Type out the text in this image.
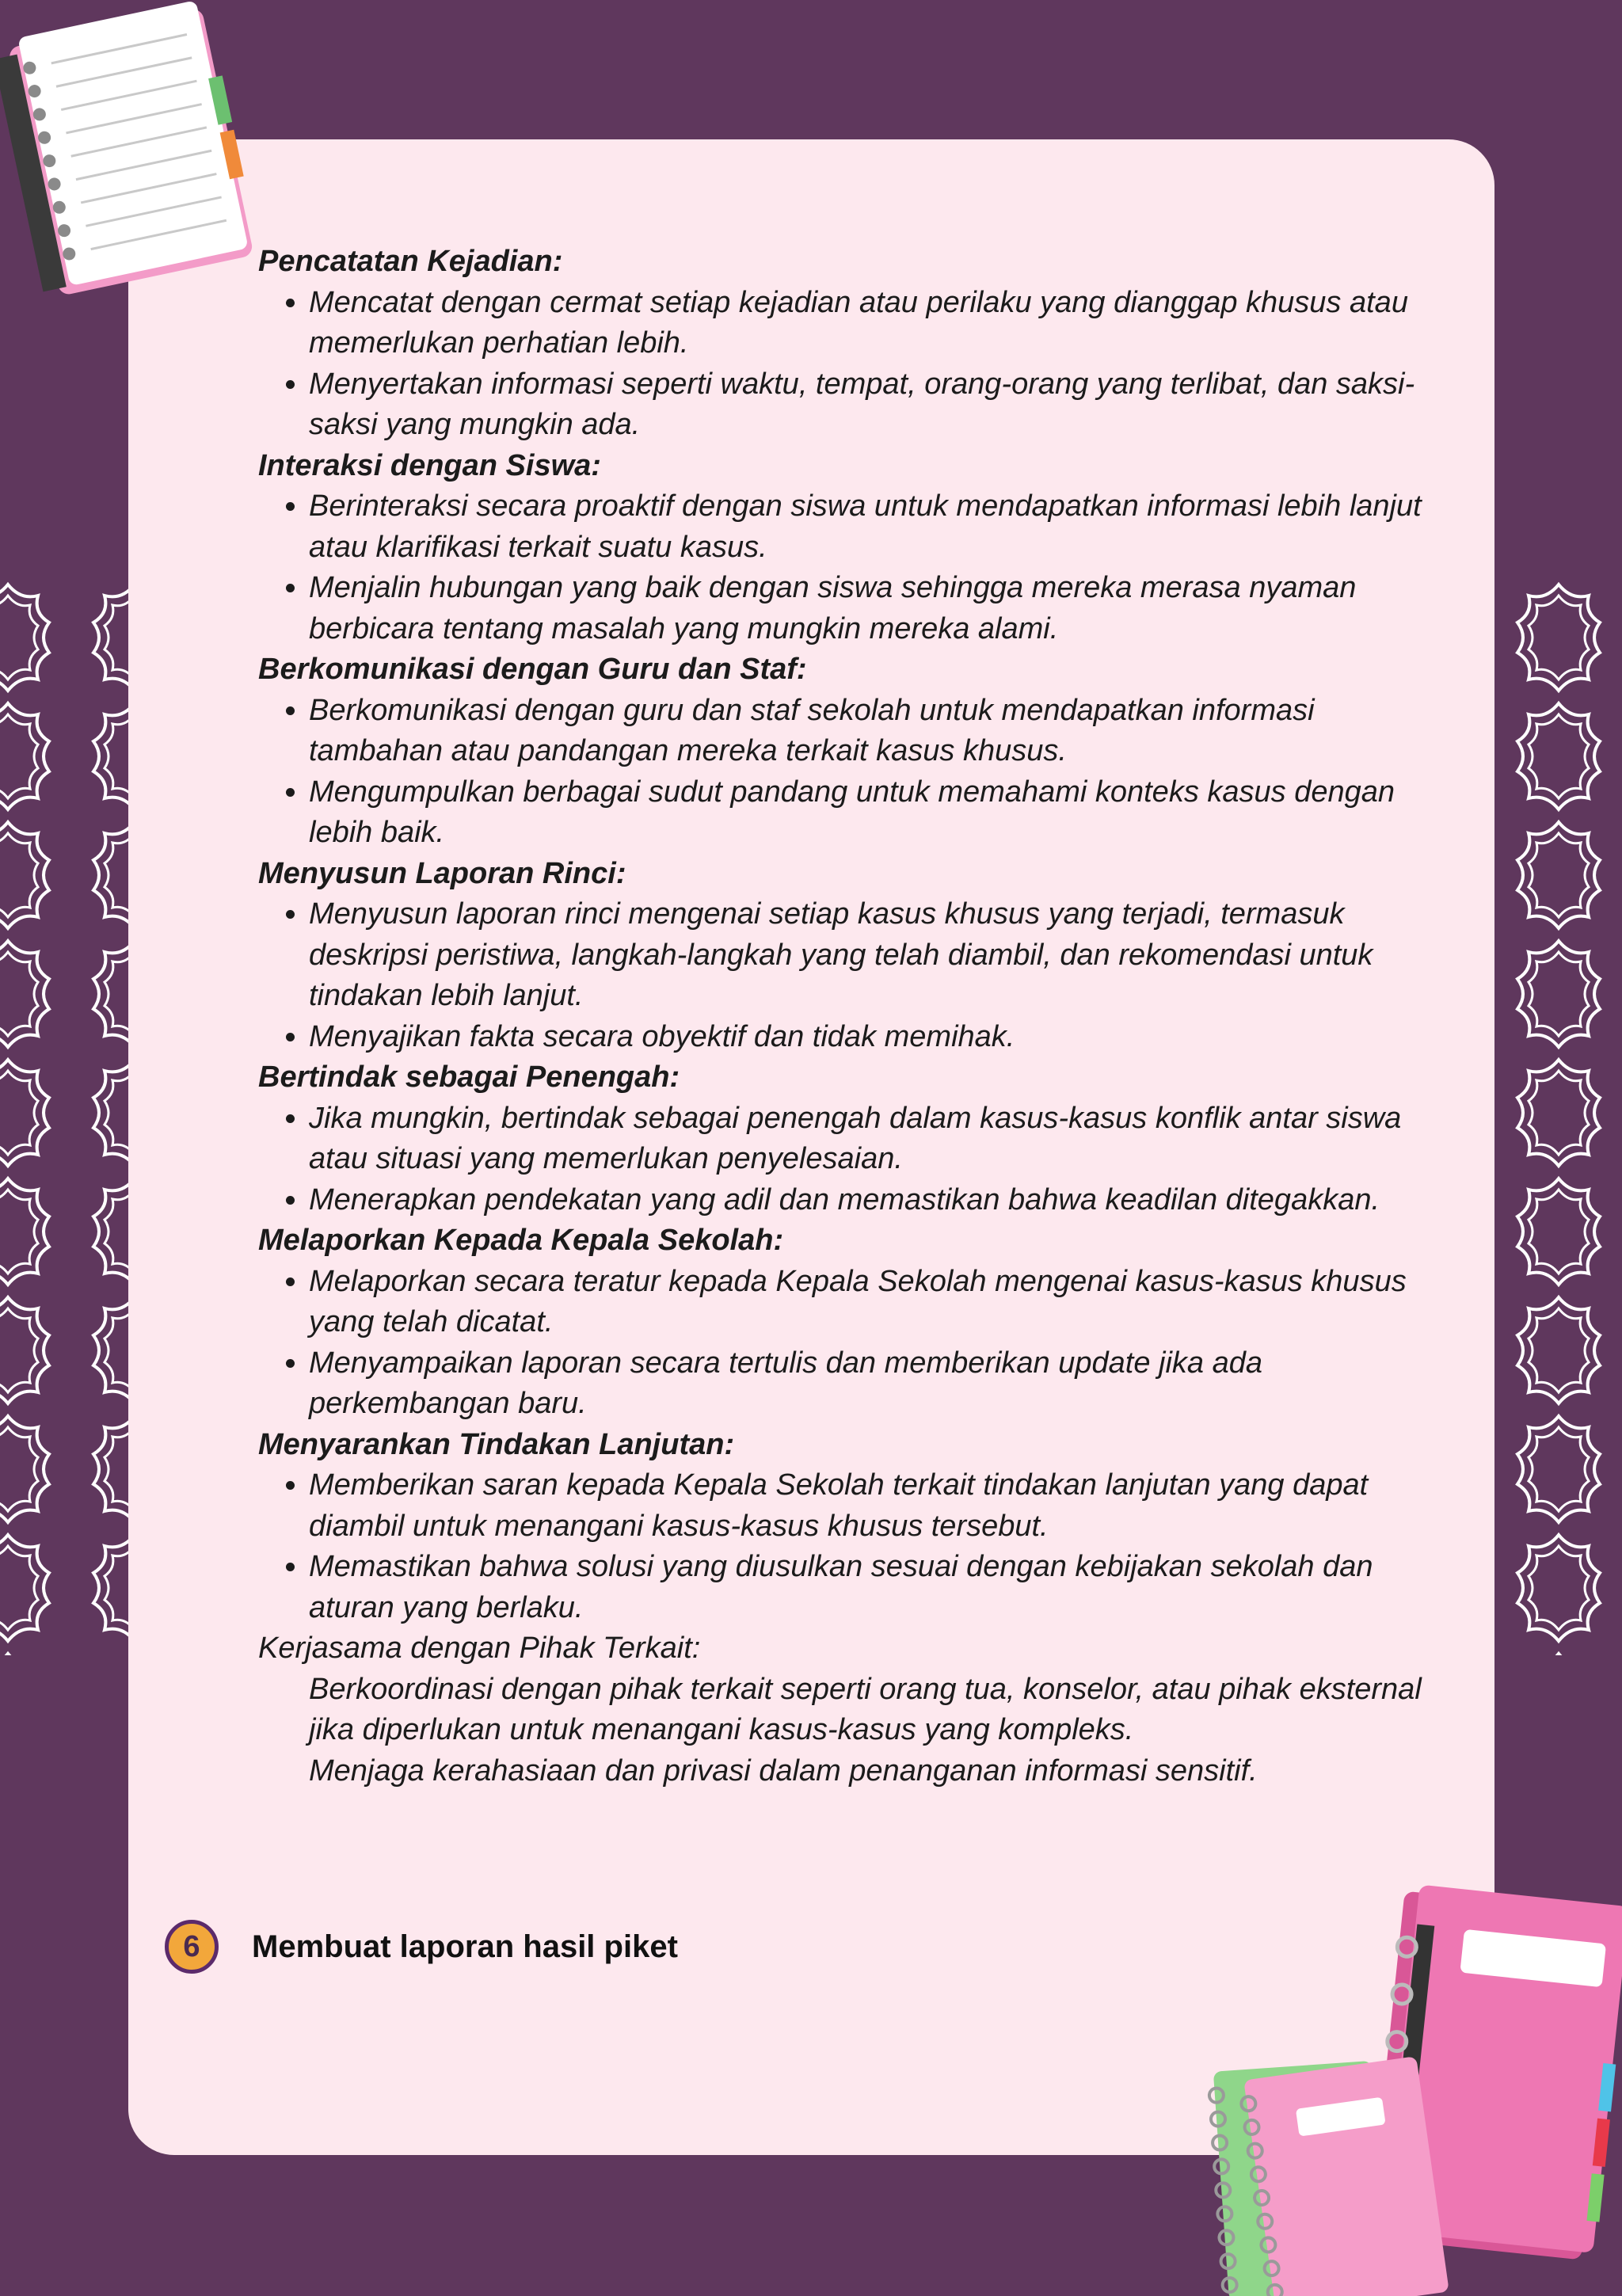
Pencatatan Kejadian:
• Mencatat dengan cermat setiap kejadian atau perilaku yang dianggap khusus atau memerlukan perhatian lebih.
• Menyertakan informasi seperti waktu, tempat, orang-orang yang terlibat, dan saksi-saksi yang mungkin ada.
Interaksi dengan Siswa:
• Berinteraksi secara proaktif dengan siswa untuk mendapatkan informasi lebih lanjut atau klarifikasi terkait suatu kasus.
• Menjalin hubungan yang baik dengan siswa sehingga mereka merasa nyaman berbicara tentang masalah yang mungkin mereka alami.
Berkomunikasi dengan Guru dan Staf:
• Berkomunikasi dengan guru dan staf sekolah untuk mendapatkan informasi tambahan atau pandangan mereka terkait kasus khusus.
• Mengumpulkan berbagai sudut pandang untuk memahami konteks kasus dengan lebih baik.
Menyusun Laporan Rinci:
• Menyusun laporan rinci mengenai setiap kasus khusus yang terjadi, termasuk deskripsi peristiwa, langkah-langkah yang telah diambil, dan rekomendasi untuk tindakan lebih lanjut.
• Menyajikan fakta secara obyektif dan tidak memihak.
Bertindak sebagai Penengah:
• Jika mungkin, bertindak sebagai penengah dalam kasus-kasus konflik antar siswa atau situasi yang memerlukan penyelesaian.
• Menerapkan pendekatan yang adil dan memastikan bahwa keadilan ditegakkan.
Melaporkan Kepada Kepala Sekolah:
• Melaporkan secara teratur kepada Kepala Sekolah mengenai kasus-kasus khusus yang telah dicatat.
• Menyampaikan laporan secara tertulis dan memberikan update jika ada perkembangan baru.
Menyarankan Tindakan Lanjutan:
• Memberikan saran kepada Kepala Sekolah terkait tindakan lanjutan yang dapat diambil untuk menangani kasus-kasus khusus tersebut.
• Memastikan bahwa solusi yang diusulkan sesuai dengan kebijakan sekolah dan aturan yang berlaku.
Kerjasama dengan Pihak Terkait:
Berkoordinasi dengan pihak terkait seperti orang tua, konselor, atau pihak eksternal jika diperlukan untuk menangani kasus-kasus yang kompleks.
Menjaga kerahasiaan dan privasi dalam penanganan informasi sensitif.
6	Membuat laporan hasil piket
